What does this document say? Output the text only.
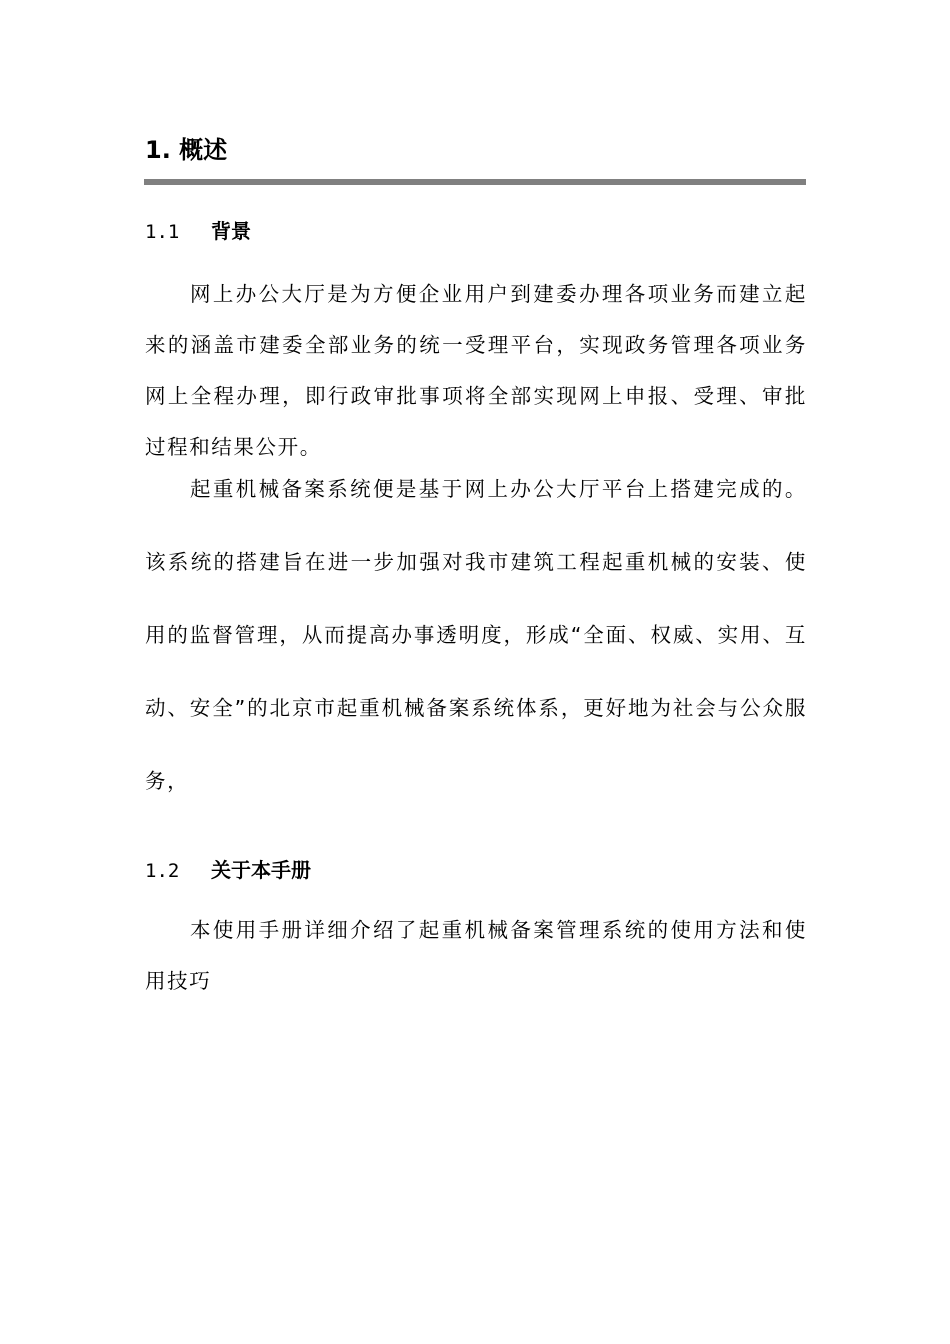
1. 概述
1.1 背景

网上办公大厅是为方便企业用户到建委办理各项业务而建立起来的涵盖市建委全部业务的统一受理平台，实现政务管理各项业务网上全程办理，即行政审批事项将全部实现网上申报、受理、审批过程和结果公开。

起重机械备案系统便是基于网上办公大厅平台上搭建完成的。该系统的搭建旨在进一步加强对我市建筑工程起重机械的安装、使用的监督管理，从而提高办事透明度，形成“全面、权威、实用、互动、安全”的北京市起重机械备案系统体系，更好地为社会与公众服务，

1.2 关于本手册

本使用手册详细介绍了起重机械备案管理系统的使用方法和使用技巧
